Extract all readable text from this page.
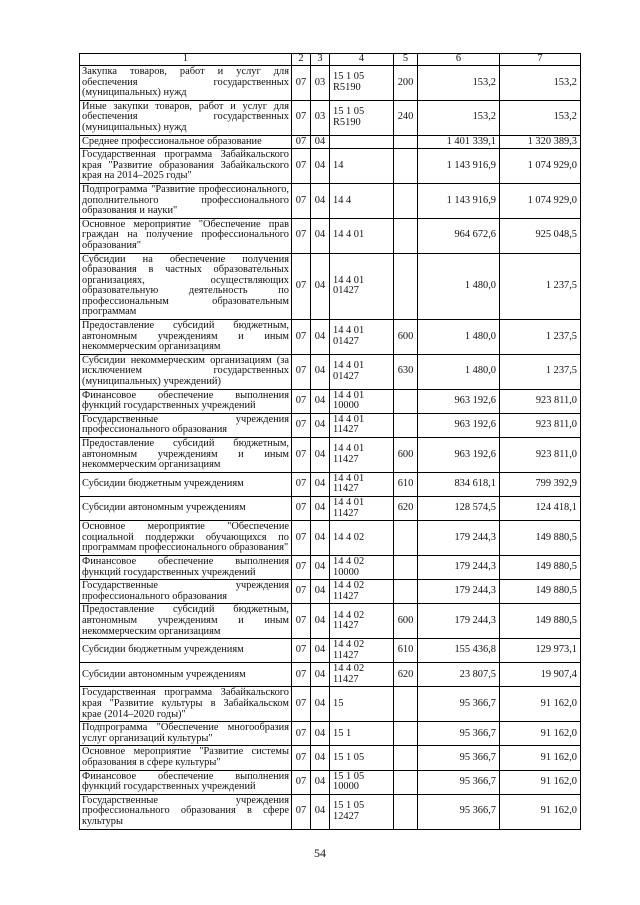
1	2	3	4	5	6	7
Закупка товаров, работ и услуг для обеспечения государственных (муниципальных) нужд	07	03	15 1 05 R5190	200	153,2	153,2
Иные закупки товаров, работ и услуг для обеспечения государственных (муниципальных) нужд	07	03	15 1 05 R5190	240	153,2	153,2
Среднее профессиональное образование	07	04			1 401 339,1	1 320 389,3
Государственная программа Забайкальского края "Развитие образования Забайкальского края на 2014–2025 годы"	07	04	14		1 143 916,9	1 074 929,0
Подпрограмма "Развитие профессионального, дополнительного профессионального образования и науки"	07	04	14 4		1 143 916,9	1 074 929,0
Основное мероприятие "Обеспечение прав граждан на получение профессионального образования"	07	04	14 4 01		964 672,6	925 048,5
Субсидии на обеспечение получения образования в частных образовательных организациях, осуществляющих образовательную деятельность по профессиональным образовательным программам	07	04	14 4 01 01427		1 480,0	1 237,5
Предоставление субсидий бюджетным, автономным учреждениям и иным некоммерческим организациям	07	04	14 4 01 01427	600	1 480,0	1 237,5
Субсидии некоммерческим организациям (за исключением государственных (муниципальных) учреждений)	07	04	14 4 01 01427	630	1 480,0	1 237,5
Финансовое обеспечение выполнения функций государственных учреждений	07	04	14 4 01 10000		963 192,6	923 811,0
Государственные учреждения профессионального образования	07	04	14 4 01 11427		963 192,6	923 811,0
Предоставление субсидий бюджетным, автономным учреждениям и иным некоммерческим организациям	07	04	14 4 01 11427	600	963 192,6	923 811,0
Субсидии бюджетным учреждениям	07	04	14 4 01 11427	610	834 618,1	799 392,9
Субсидии автономным учреждениям	07	04	14 4 01 11427	620	128 574,5	124 418,1
Основное мероприятие "Обеспечение социальной поддержки обучающихся по программам профессионального образования"	07	04	14 4 02		179 244,3	149 880,5
Финансовое обеспечение выполнения функций государственных учреждений	07	04	14 4 02 10000		179 244,3	149 880,5
Государственные учреждения профессионального образования	07	04	14 4 02 11427		179 244,3	149 880,5
Предоставление субсидий бюджетным, автономным учреждениям и иным некоммерческим организациям	07	04	14 4 02 11427	600	179 244,3	149 880,5
Субсидии бюджетным учреждениям	07	04	14 4 02 11427	610	155 436,8	129 973,1
Субсидии автономным учреждениям	07	04	14 4 02 11427	620	23 807,5	19 907,4
Государственная программа Забайкальского края "Развитие культуры в Забайкальском крае (2014–2020 годы)"	07	04	15		95 366,7	91 162,0
Подпрограмма "Обеспечение многообразия услуг организаций культуры"	07	04	15 1		95 366,7	91 162,0
Основное мероприятие "Развитие системы образования в сфере культуры"	07	04	15 1 05		95 366,7	91 162,0
Финансовое обеспечение выполнения функций государственных учреждений	07	04	15 1 05 10000		95 366,7	91 162,0
Государственные учреждения профессионального образования в сфере культуры	07	04	15 1 05 12427		95 366,7	91 162,0
54
